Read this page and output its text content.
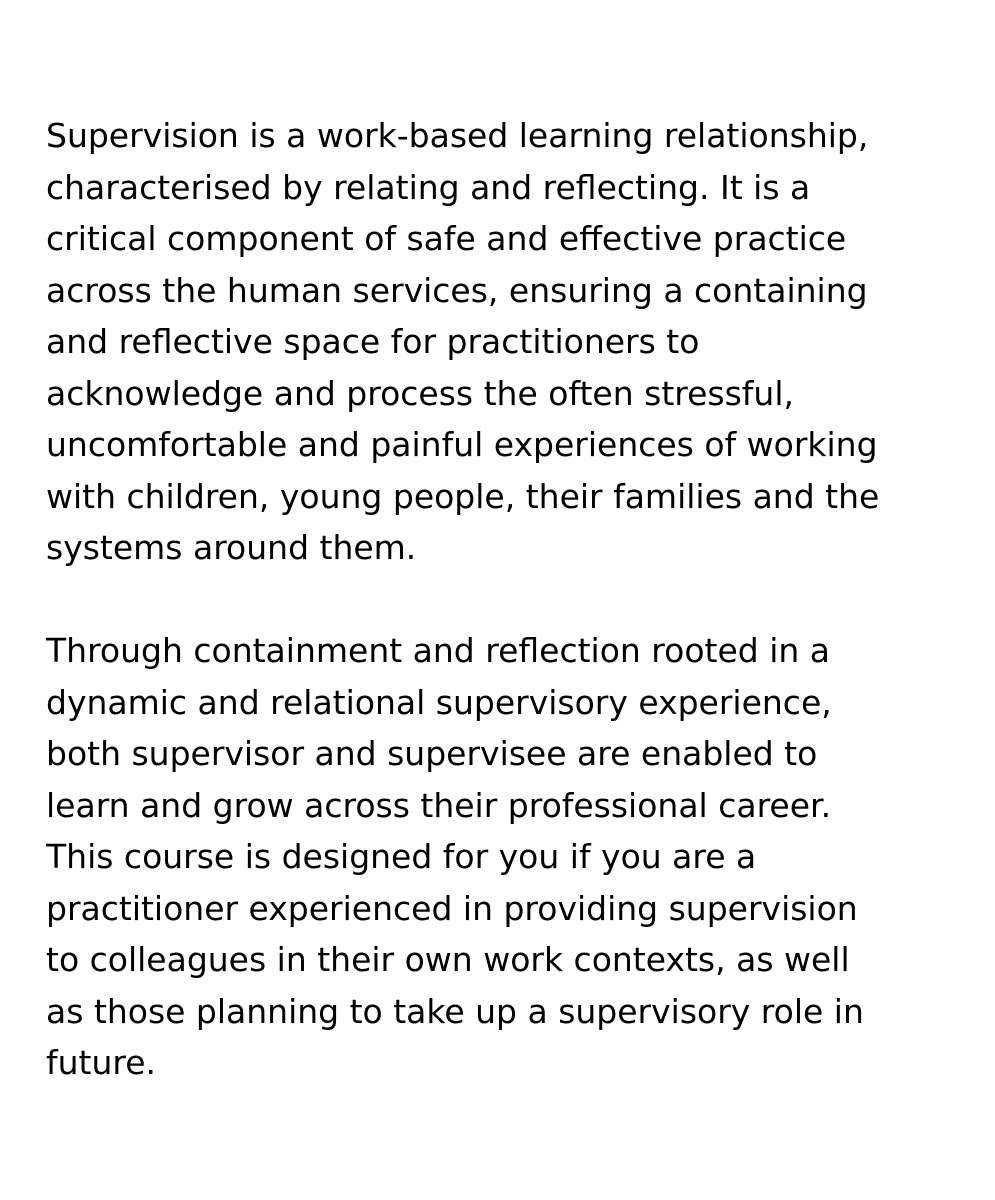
Supervision is a work-based learning relationship,
characterised by relating and reflecting. It is a
critical component of safe and effective practice
across the human services, ensuring a containing
and reflective space for practitioners to
acknowledge and process the often stressful,
uncomfortable and painful experiences of working
with children, young people, their families and the
systems around them.

Through containment and reflection rooted in a
dynamic and relational supervisory experience,
both supervisor and supervisee are enabled to
learn and grow across their professional career.
This course is designed for you if you are a
practitioner experienced in providing supervision
to colleagues in their own work contexts, as well
as those planning to take up a supervisory role in
future.
